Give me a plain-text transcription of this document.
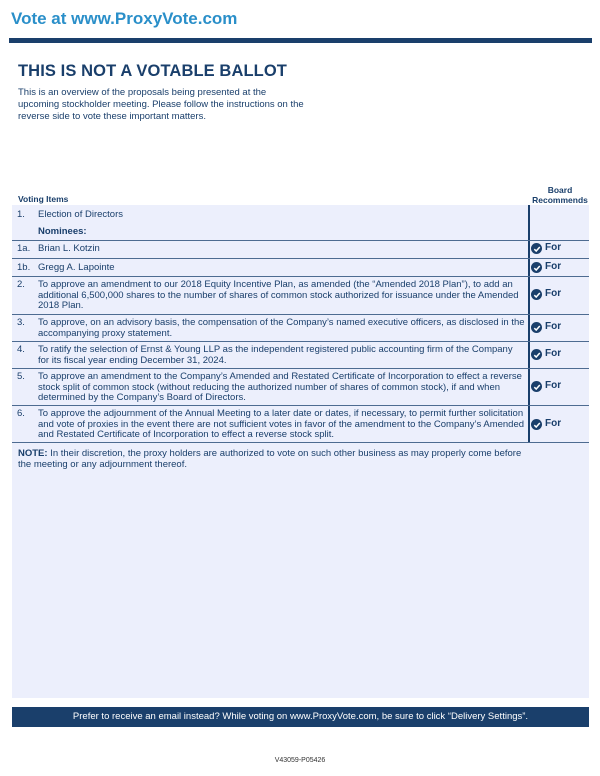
Vote at www.ProxyVote.com
THIS IS NOT A VOTABLE BALLOT
This is an overview of the proposals being presented at the upcoming stockholder meeting. Please follow the instructions on the reverse side to vote these important matters.
Voting Items
Board Recommends
1. Election of Directors
Nominees:
1a. Brian L. Kotzin	For
1b. Gregg A. Lapointe	For
2. To approve an amendment to our 2018 Equity Incentive Plan, as amended (the “Amended 2018 Plan”), to add an additional 6,500,000 shares to the number of shares of common stock authorized for issuance under the Amended 2018 Plan.
For
3. To approve, on an advisory basis, the compensation of the Company’s named executive officers, as disclosed in the accompanying proxy statement.
For
4. To ratify the selection of Ernst & Young LLP as the independent registered public accounting firm of the Company for its fiscal year ending December 31, 2024.
For
5. To approve an amendment to the Company’s Amended and Restated Certificate of Incorporation to effect a reverse stock split of common stock (without reducing the authorized number of shares of common stock), if and when determined by the Company’s Board of Directors.
For
6. To approve the adjournment of the Annual Meeting to a later date or dates, if necessary, to permit further solicitation and vote of proxies in the event there are not sufficient votes in favor of the amendment to the Company’s Amended and Restated Certificate of Incorporation to effect a reverse stock split.
For
NOTE: In their discretion, the proxy holders are authorized to vote on such other business as may properly come before the meeting or any adjournment thereof.
Prefer to receive an email instead? While voting on www.ProxyVote.com, be sure to click “Delivery Settings”.
V43059-P05426
